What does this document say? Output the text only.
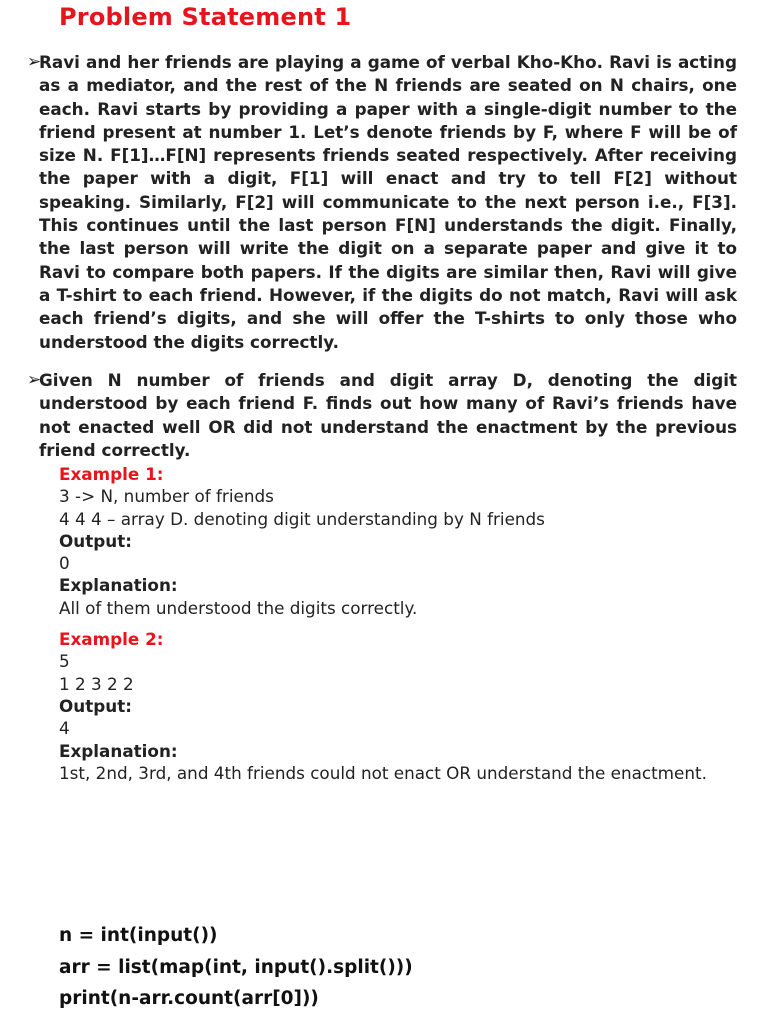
Problem Statement 1
➢

Ravi and her friends are playing a game of verbal Kho-Kho. Ravi is acting as a mediator, and the rest of the N friends are seated on N chairs, one each. Ravi starts by providing a paper with a single-digit number to the friend present at number 1. Let’s denote friends by F, where F will be of size N. F[1]…F[N] represents friends seated respectively. After receiving the paper with a digit, F[1] will enact and try to tell F[2] without speaking. Similarly, F[2] will communicate to the next person i.e., F[3]. This continues until the last person F[N] understands the digit. Finally, the last person will write the digit on a separate paper and give it to Ravi to compare both papers. If the digits are similar then, Ravi will give a T-shirt to each friend. However, if the digits do not match, Ravi will ask each friend’s digits, and she will offer the T-shirts to only those who understood the digits correctly.

➢

Given N number of friends and digit array D, denoting the digit understood by each friend F. finds out how many of Ravi’s friends have not enacted well OR did not understand the enactment by the previous friend correctly.

Example 1:
3 -> N, number of friends
4 4 4 – array D. denoting digit understanding by N friends
Output:
0
Explanation:
All of them understood the digits correctly.
Example 2:
5
1 2 3 2 2
Output:
4
Explanation:
1st, 2nd, 3rd, and 4th friends could not enact OR understand the enactment.
n = int(input())
arr = list(map(int, input().split()))
print(n-arr.count(arr[0]))
